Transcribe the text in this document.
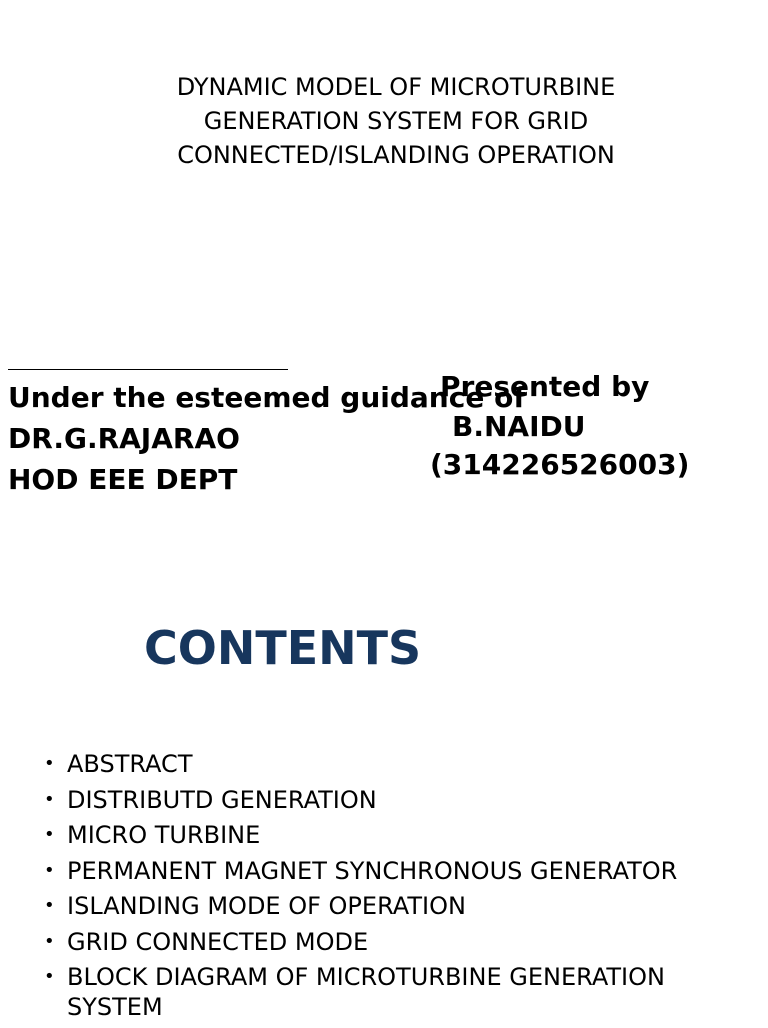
DYNAMIC MODEL OF MICROTURBINE
GENERATION SYSTEM FOR GRID
CONNECTED/ISLANDING OPERATION
Under the esteemed guidance of
DR.G.RAJARAO
HOD EEE DEPT
Presented by
B.NAIDU
(314226526003)
CONTENTS
• ABSTRACT
• DISTRIBUTD GENERATION
• MICRO TURBINE
• PERMANENT MAGNET SYNCHRONOUS GENERATOR
• ISLANDING MODE OF OPERATION
• GRID CONNECTED MODE
• BLOCK DIAGRAM OF MICROTURBINE GENERATION SYSTEM
